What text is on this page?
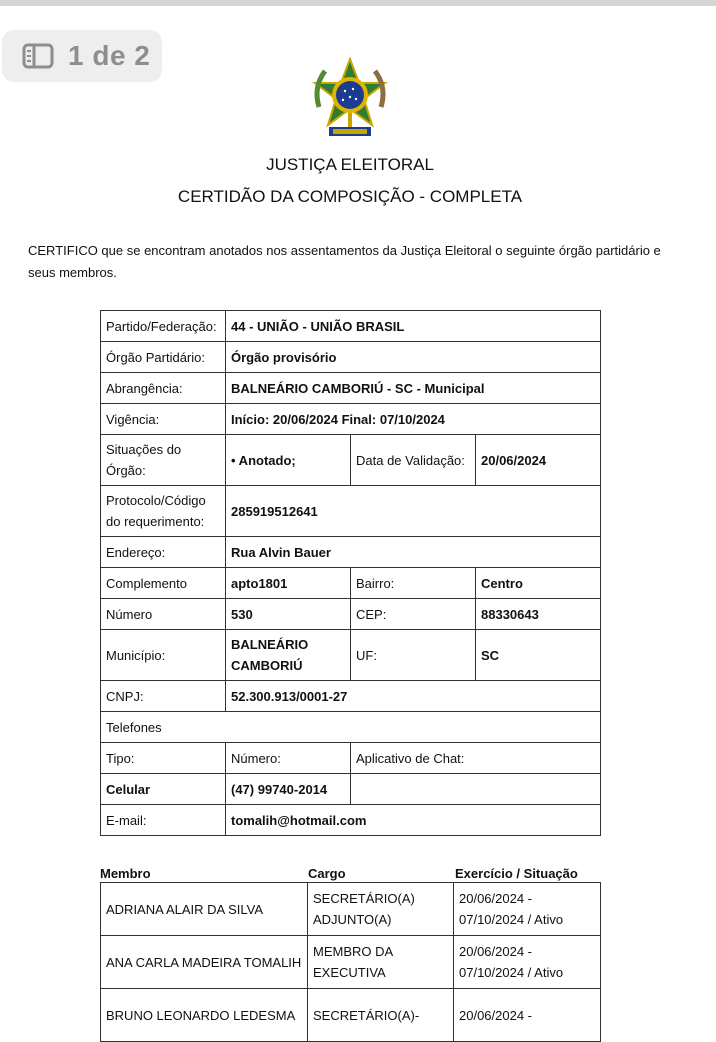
1 de 2
JUSTIÇA ELEITORAL
CERTIDÃO DA COMPOSIÇÃO - COMPLETA
CERTIFICO que se encontram anotados nos assentamentos da Justiça Eleitoral o seguinte órgão partidário e seus membros.
Partido/Federação:	44 - UNIÃO - UNIÃO BRASIL		
Órgão Partidário:	Órgão provisório		
Abrangência:	BALNEÁRIO CAMBORIÚ - SC - Municipal		
Vigência:	Início: 20/06/2024 Final: 07/10/2024		
Situações do Órgão:	• Anotado;	Data de Validação:	20/06/2024
Protocolo/Código do requerimento:	285919512641		
Endereço:	Rua Alvin Bauer		
Complemento	apto1801	Bairro:	Centro
Número	530	CEP:	88330643
Município:	BALNEÁRIO CAMBORIÚ	UF:	SC
CNPJ:	52.300.913/0001-27		
Telefones			
Tipo:	Número:	Aplicativo de Chat:	
Celular	(47) 99740-2014		
E-mail:	tomalih@hotmail.com		
Membro	Cargo	Exercício / Situação
ADRIANA ALAIR DA SILVA	SECRETÁRIO(A) ADJUNTO(A)	20/06/2024 - 07/10/2024 / Ativo
ANA CARLA MADEIRA TOMALIH	MEMBRO DA EXECUTIVA	20/06/2024 - 07/10/2024 / Ativo
BRUNO LEONARDO LEDESMA	SECRETÁRIO(A)-	20/06/2024 -
